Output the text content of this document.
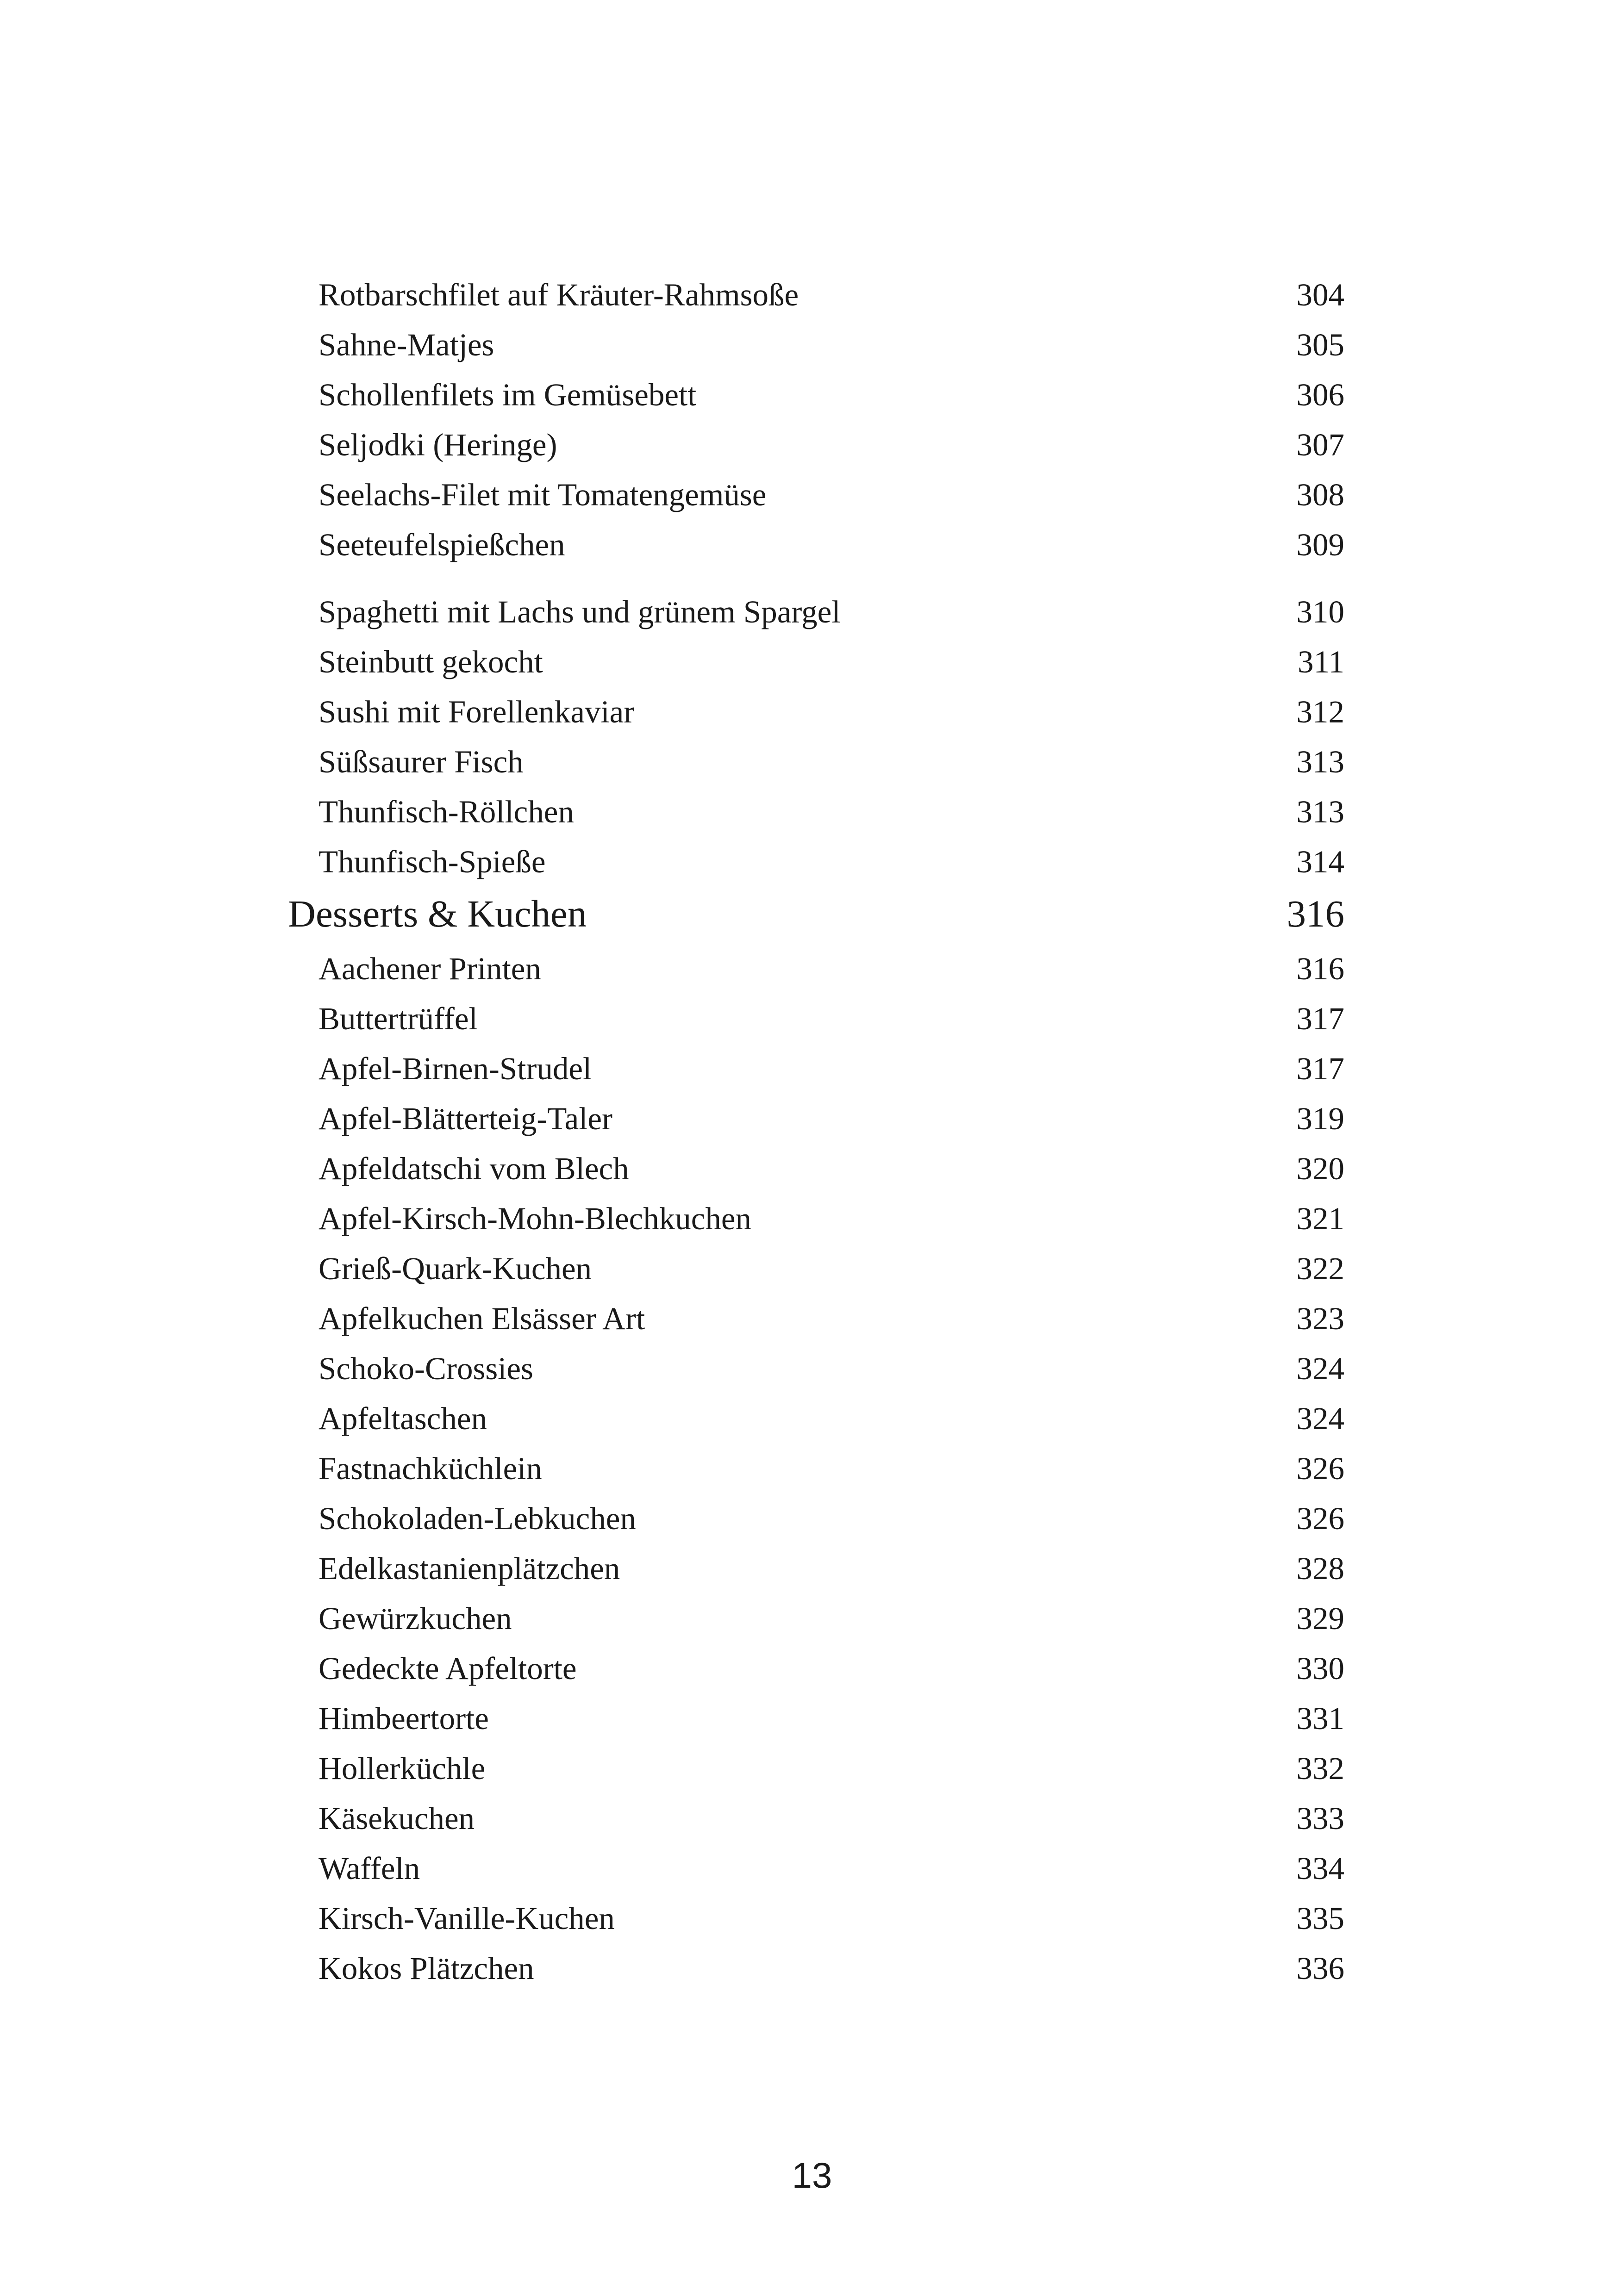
Rotbarschfilet auf Kräuter-Rahmsoße	304
Sahne-Matjes	305
Schollenfilets im Gemüsebett	306
Seljodki (Heringe)	307
Seelachs-Filet mit Tomatengemüse	308
Seeteufelspießchen	309
Spaghetti mit Lachs und grünem Spargel	310
Steinbutt gekocht	311
Sushi mit Forellenkaviar	312
Süßsaurer Fisch	313
Thunfisch-Röllchen	313
Thunfisch-Spieße	314
Desserts & Kuchen	316
Aachener Printen	316
Buttertrüffel	317
Apfel-Birnen-Strudel	317
Apfel-Blätterteig-Taler	319
Apfeldatschi vom Blech	320
Apfel-Kirsch-Mohn-Blechkuchen	321
Grieß-Quark-Kuchen	322
Apfelkuchen Elsässer Art	323
Schoko-Crossies	324
Apfeltaschen	324
Fastnachküchlein	326
Schokoladen-Lebkuchen	326
Edelkastanienplätzchen	328
Gewürzkuchen	329
Gedeckte Apfeltorte	330
Himbeertorte	331
Hollerküchle	332
Käsekuchen	333
Waffeln	334
Kirsch-Vanille-Kuchen	335
Kokos Plätzchen	336
13
